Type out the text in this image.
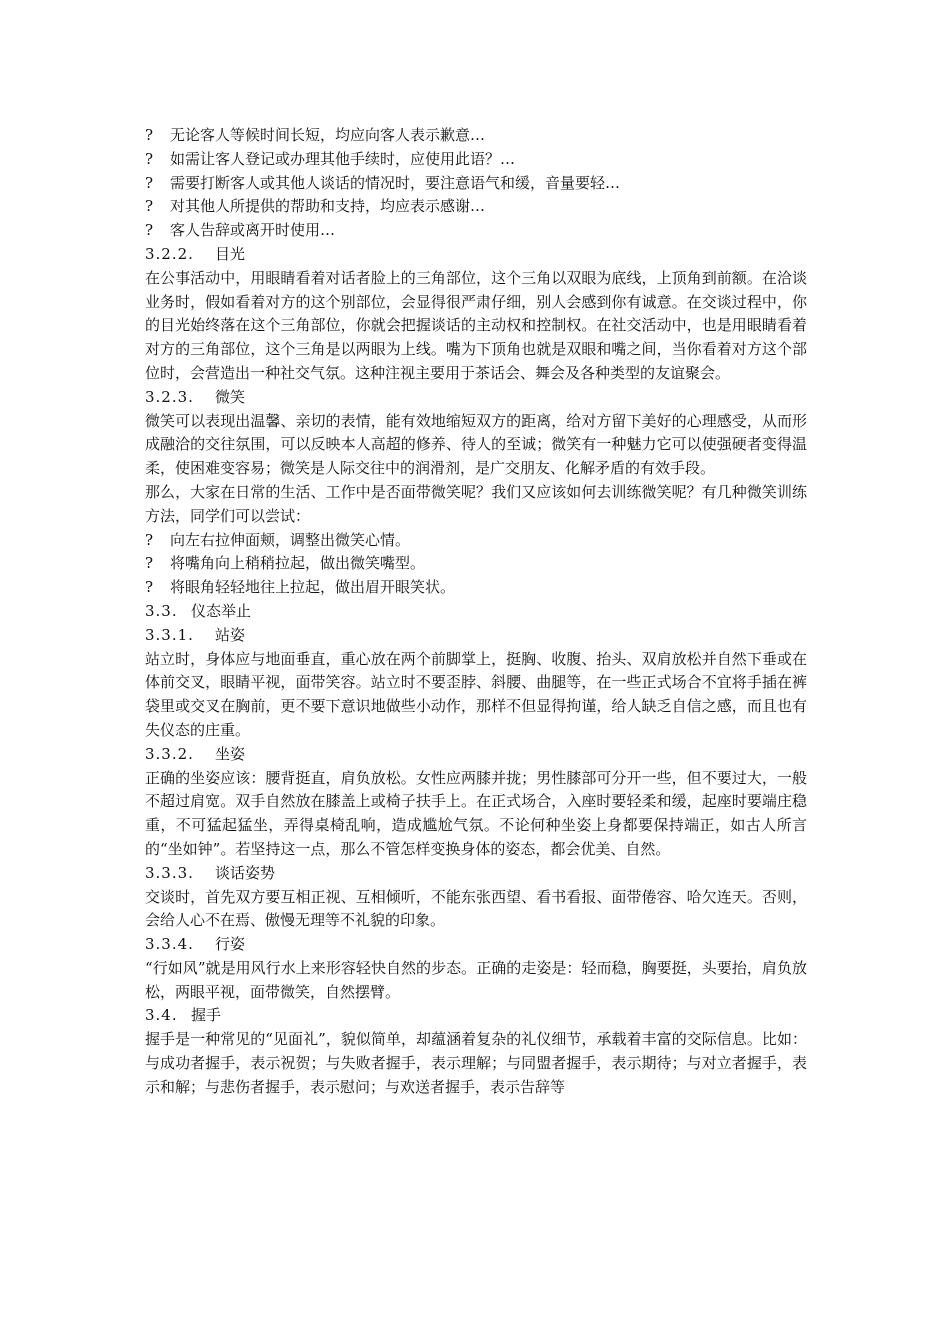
?	无论客人等候时间长短，均应向客人表示歉意…
?	如需让客人登记或办理其他手续时，应使用此语？…
?	需要打断客人或其他人谈话的情况时，要注意语气和缓，音量要轻…
?	对其他人所提供的帮助和支持，均应表示感谢…
?	客人告辞或离开时使用…
3.2.2.	目光
在公事活动中，用眼睛看着对话者脸上的三角部位，这个三角以双眼为底线，上顶角到前额。在洽谈业务时，假如看着对方的这个别部位，会显得很严肃仔细，别人会感到你有诚意。在交谈过程中，你的目光始终落在这个三角部位，你就会把握谈话的主动权和控制权。在社交活动中，也是用眼睛看着对方的三角部位，这个三角是以两眼为上线。嘴为下顶角也就是双眼和嘴之间，当你看着对方这个部位时，会营造出一种社交气氛。这种注视主要用于茶话会、舞会及各种类型的友谊聚会。
3.2.3.	微笑
微笑可以表现出温馨、亲切的表情，能有效地缩短双方的距离，给对方留下美好的心理感受，从而形成融洽的交往氛围，可以反映本人高超的修养、待人的至诚；微笑有一种魅力它可以使强硬者变得温柔，使困难变容易；微笑是人际交往中的润滑剂，是广交朋友、化解矛盾的有效手段。
那么，大家在日常的生活、工作中是否面带微笑呢？我们又应该如何去训练微笑呢？有几种微笑训练方法，同学们可以尝试：
?	向左右拉伸面颊，调整出微笑心情。
?	将嘴角向上稍稍拉起，做出微笑嘴型。
?	将眼角轻轻地往上拉起，做出眉开眼笑状。
3.3. 仪态举止
3.3.1.	站姿
站立时，身体应与地面垂直，重心放在两个前脚掌上，挺胸、收腹、抬头、双肩放松并自然下垂或在体前交叉，眼睛平视，面带笑容。站立时不要歪脖、斜腰、曲腿等，在一些正式场合不宜将手插在裤袋里或交叉在胸前，更不要下意识地做些小动作，那样不但显得拘谨，给人缺乏自信之感，而且也有失仪态的庄重。
3.3.2.	坐姿
正确的坐姿应该：腰背挺直，肩负放松。女性应两膝并拢；男性膝部可分开一些，但不要过大，一般不超过肩宽。双手自然放在膝盖上或椅子扶手上。在正式场合，入座时要轻柔和缓，起座时要端庄稳重，不可猛起猛坐，弄得桌椅乱响，造成尴尬气氛。不论何种坐姿上身都要保持端正，如古人所言的“坐如钟”。若坚持这一点，那么不管怎样变换身体的姿态，都会优美、自然。
3.3.3.	谈话姿势
交谈时，首先双方要互相正视、互相倾听，不能东张西望、看书看报、面带倦容、哈欠连天。否则，会给人心不在焉、傲慢无理等不礼貌的印象。
3.3.4.	行姿
“行如风”就是用风行水上来形容轻快自然的步态。正确的走姿是：轻而稳，胸要挺，头要抬，肩负放松，两眼平视，面带微笑，自然摆臂。
3.4. 握手
握手是一种常见的“见面礼”，貌似简单，却蕴涵着复杂的礼仪细节，承载着丰富的交际信息。比如：与成功者握手，表示祝贺；与失败者握手，表示理解；与同盟者握手，表示期待；与对立者握手，表示和解；与悲伤者握手，表示慰问；与欢送者握手，表示告辞等
